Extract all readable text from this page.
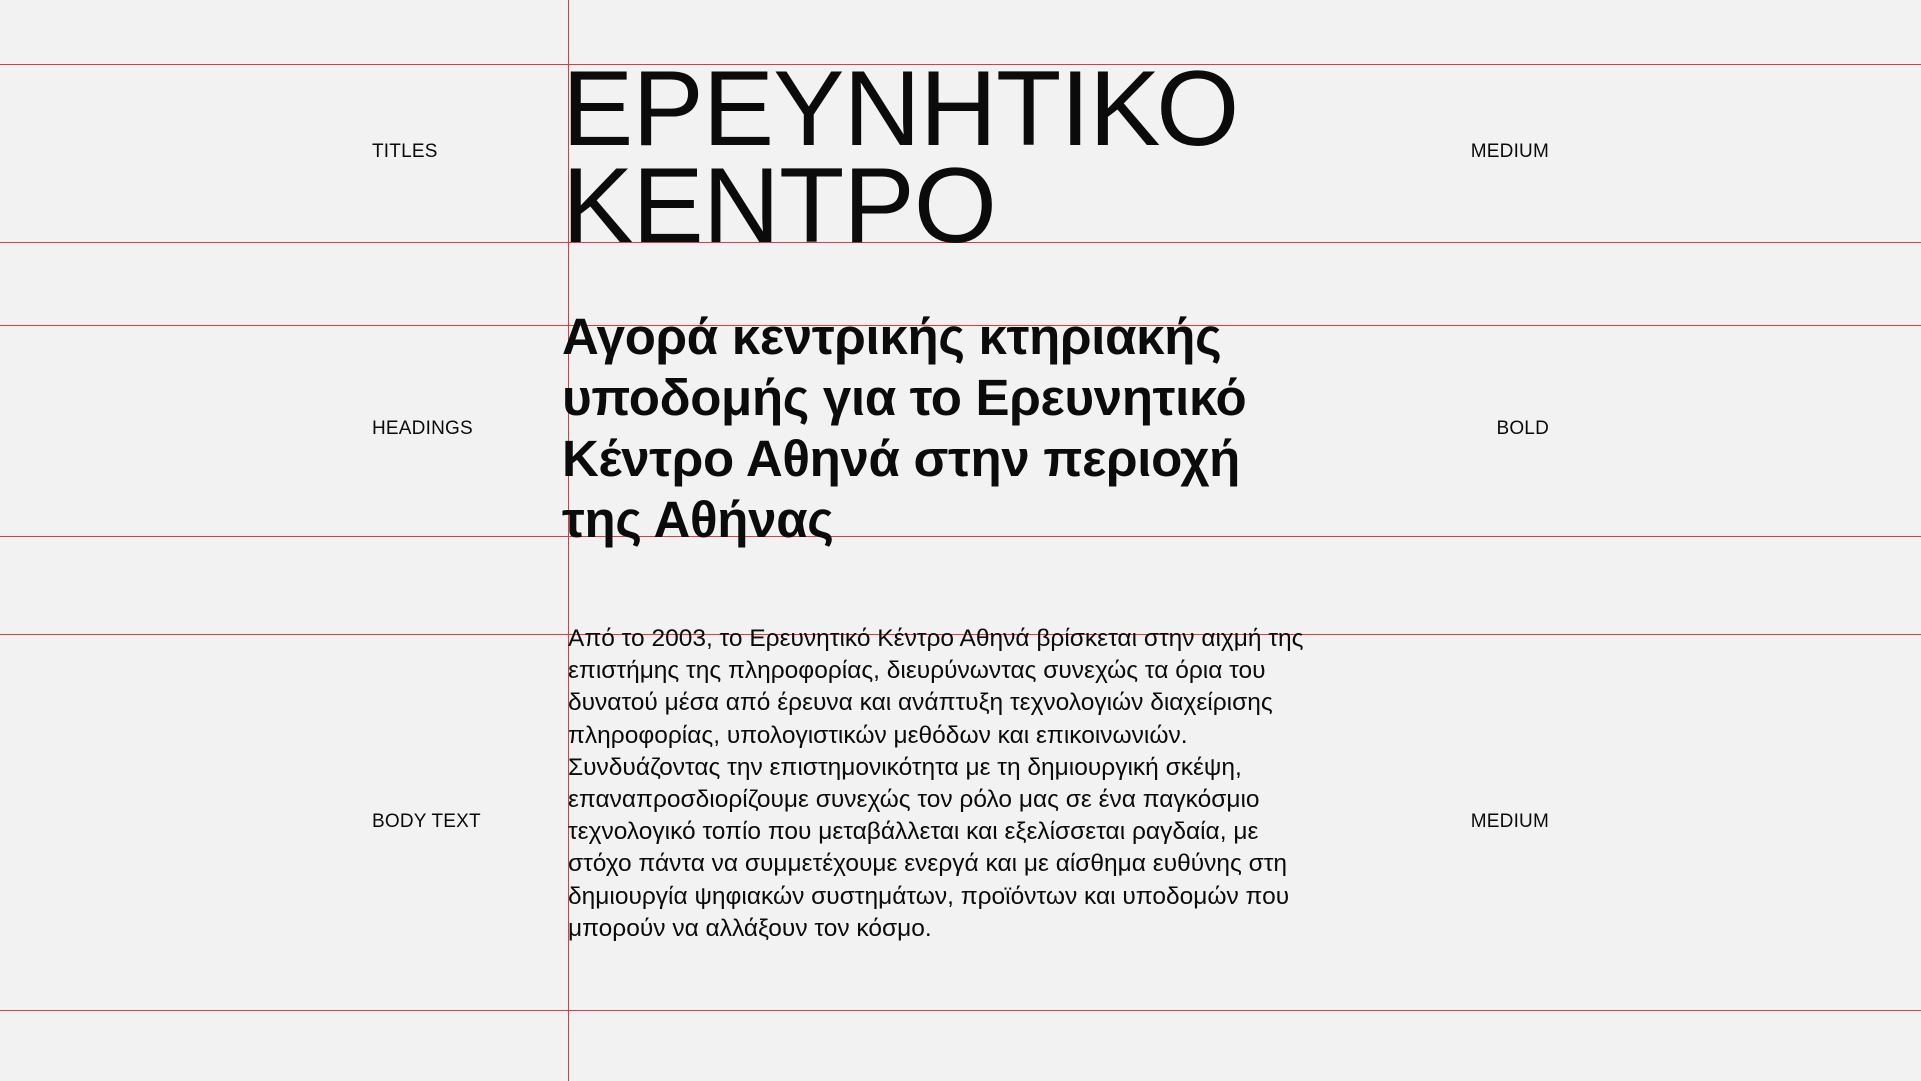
TITLES
HEADINGS
BODY TEXT
MEDIUM
BOLD
MEDIUM
ΕΡΕΥΝΗΤΙΚΟ
ΚΕΝΤΡΟ
Αγορά κεντρικής κτηριακής υποδομής για το Ερευνητικό Κέντρο Αθηνά στην περιοχή της Αθήνας
Από το 2003, το Ερευνητικό Κέντρο Αθηνά βρίσκεται στην αιχμή της επιστήμης της πληροφορίας, διευρύνωντας συνεχώς τα όρια του δυνατού μέσα από έρευνα και ανάπτυξη τεχνολογιών διαχείρισης πληροφορίας, υπολογιστικών μεθόδων και επικοινωνιών. Συνδυάζοντας την επιστημονικότητα με τη δημιουργική σκέψη, επαναπροσδιορίζουμε συνεχώς τον ρόλο μας σε ένα παγκόσμιο τεχνολογικό τοπίο που μεταβάλλεται και εξελίσσεται ραγδαία, με στόχο πάντα να συμμετέχουμε ενεργά και με αίσθημα ευθύνης στη δημιουργία ψηφιακών συστημάτων, προϊόντων και υποδομών που μπορούν να αλλάξουν τον κόσμο.
